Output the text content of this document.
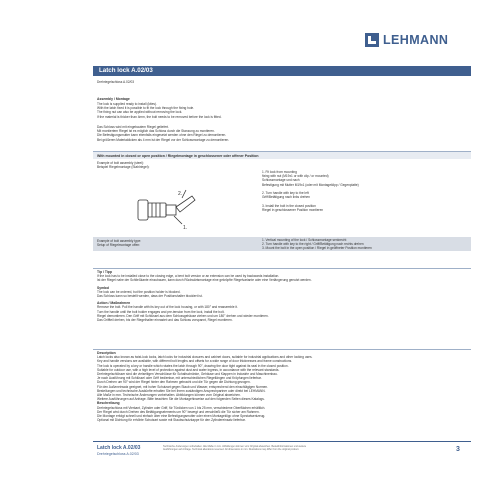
LEHMANN
Latch lock A.02/03
Drehriegelschloss A.02/03
Assembly / Montage
The lock is supplied ready to install (kites).
With the latch fixed it is possible to fit the lock through the fixing hole.
The fixing nut can also be applied without removing the lock.
If the material is thicker than 4mm, the bolt needs to be removed before the lock is fitted.
Das Schloss wird mit eingebautem Riegel geliefert.
Mit montiertem Riegel ist es möglich das Schloss durch die Stanzung zu montieren.
Die Befestigungsmutter kann ebenfalls eingesetzt werden ohne den Riegel zu demontieren.
Bei größeren Materialdicken als 4 mm ist der Riegel vor der Schlossmontage zu demontieren.
With mounted in closed or open position / Riegelmontage in geschlossener oder offener Position
Example of bolt assembly (steel):
Beispiel Riegelmontage (Stahlriegel):
2.
1.
1. Fit lock from mounting
fixing with nut (M19x1 or with clip / or mounted)
Schlossmontage und nach
Befestigung mit Mutter M19x1 (oder mit Montageklipp / Gegenplatte)

2. Turn handle with key to the left
Griff/Betätigung nach links drehen

3. Install the bolt in the closed position
Riegel in geschlossener Position montieren
Example of bolt assembly type:
Setup of Riegelmontage offen:
1. Vertical mounting of the lock / Schlossmontage senkrecht
2. Turn handle with key to the right / Griff/Betätigung nach rechts drehen
3. Mount the bolt in the open position / Riegel in geöffneter Position montieren
Tip / Tipp
If the lock has to be installed close to the closing edge, a bent bolt version or an extension can be used by backwards installation.
Ist der Riegel nahe der Schließkante einzubauen, kann durch Rückwärtsmontage eine gekröpfte Riegelvariante oder eine Verlängerung genutzt werden.
Symbol
The lock can be ordered, but the position holder is blocked.
Das Schloss kann so bestellt werden, dass der Positionshalter blockiert ist.
Action / Maßnahmen
Remove the bolt. Pull the handle with its key out of the lock housing, or with 180° and reassemble it.
Turn the handle until the bolt holder engages and pre-tension from the lock, install the bolt.
Riegel demontieren. Den Griff mit Schlüssel aus dem Schlossgehäuse ziehen und um 180° drehen und wieder montieren.
Das Griffteil drehen, bis der Riegelhalter einrastet und das Schloss vorspannt, Riegel montieren.
Description
Latch locks also known as twist-lock locks, latch locks for industrial closures and cabinet doors, suitable for industrial applications and other locking uses.
Key and handle versions are available, with different bolt lengths and offsets for a wide range of door thicknesses and frame constructions.
The lock is operated by a key or handle which rotates the latch through 90°, drawing the door tight against its seal in the closed position.
Suitable for outdoor use, with a high level of protection against dust and water ingress, in accordance with the relevant standards.
Drehriegelschlösser sind die vielseitigen Verschlüsse für Schaltschränke, Gehäuse und Klappen in Industrie und Maschinenbau.
Je nach Ausführung mit Schlüssel oder Griff bedienbar, mit unterschiedlichen Riegellängen und Kröpfungen lieferbar.
Durch Drehen um 90° wird der Riegel hinter den Rahmen gebracht und die Tür gegen die Dichtung gezogen.
Für den Außeneinsatz geeignet, mit hoher Schutzart gegen Staub und Wasser, entsprechend den einschlägigen Normen.
Bestellungen und technische Auskünfte erhalten Sie bei Ihrem zuständigen Ansprechpartner oder direkt bei LEHMANN.
Alle Maße in mm. Technische Änderungen vorbehalten. Abbildungen können vom Original abweichen.
Weitere Ausführungen auf Anfrage. Bitte beachten Sie die Montagehinweise auf den folgenden Seiten dieses Katalogs.
Beschreibung
Drehriegelschloss mit Vierkant, Zylinder oder Griff, für Türdicken von 1 bis 25 mm, verschiedene Oberflächen erhältlich.
Der Riegel wird durch Drehen des Betätigungselements um 90° bewegt und verschließt die Tür sicher am Rahmen.
Die Montage erfolgt schnell und einfach über eine Befestigungsmutter oder einen Montageklipp ohne Spezialwerkzeug.
Optional mit Dichtung für erhöhte Schutzart sowie mit Staubschutzkappe für den Zylindereinsatz lieferbar.
Latch lock A.02/03
Drehriegelschloss A.02/03
Technische Änderungen vorbehalten. Alle Maße in mm. Abbildungen können vom Original abweichen. Bestellinformationen und weitere
Ausführungen auf Anfrage. Technical alterations reserved. All dimensions in mm. Illustrations may differ from the original product.	3
